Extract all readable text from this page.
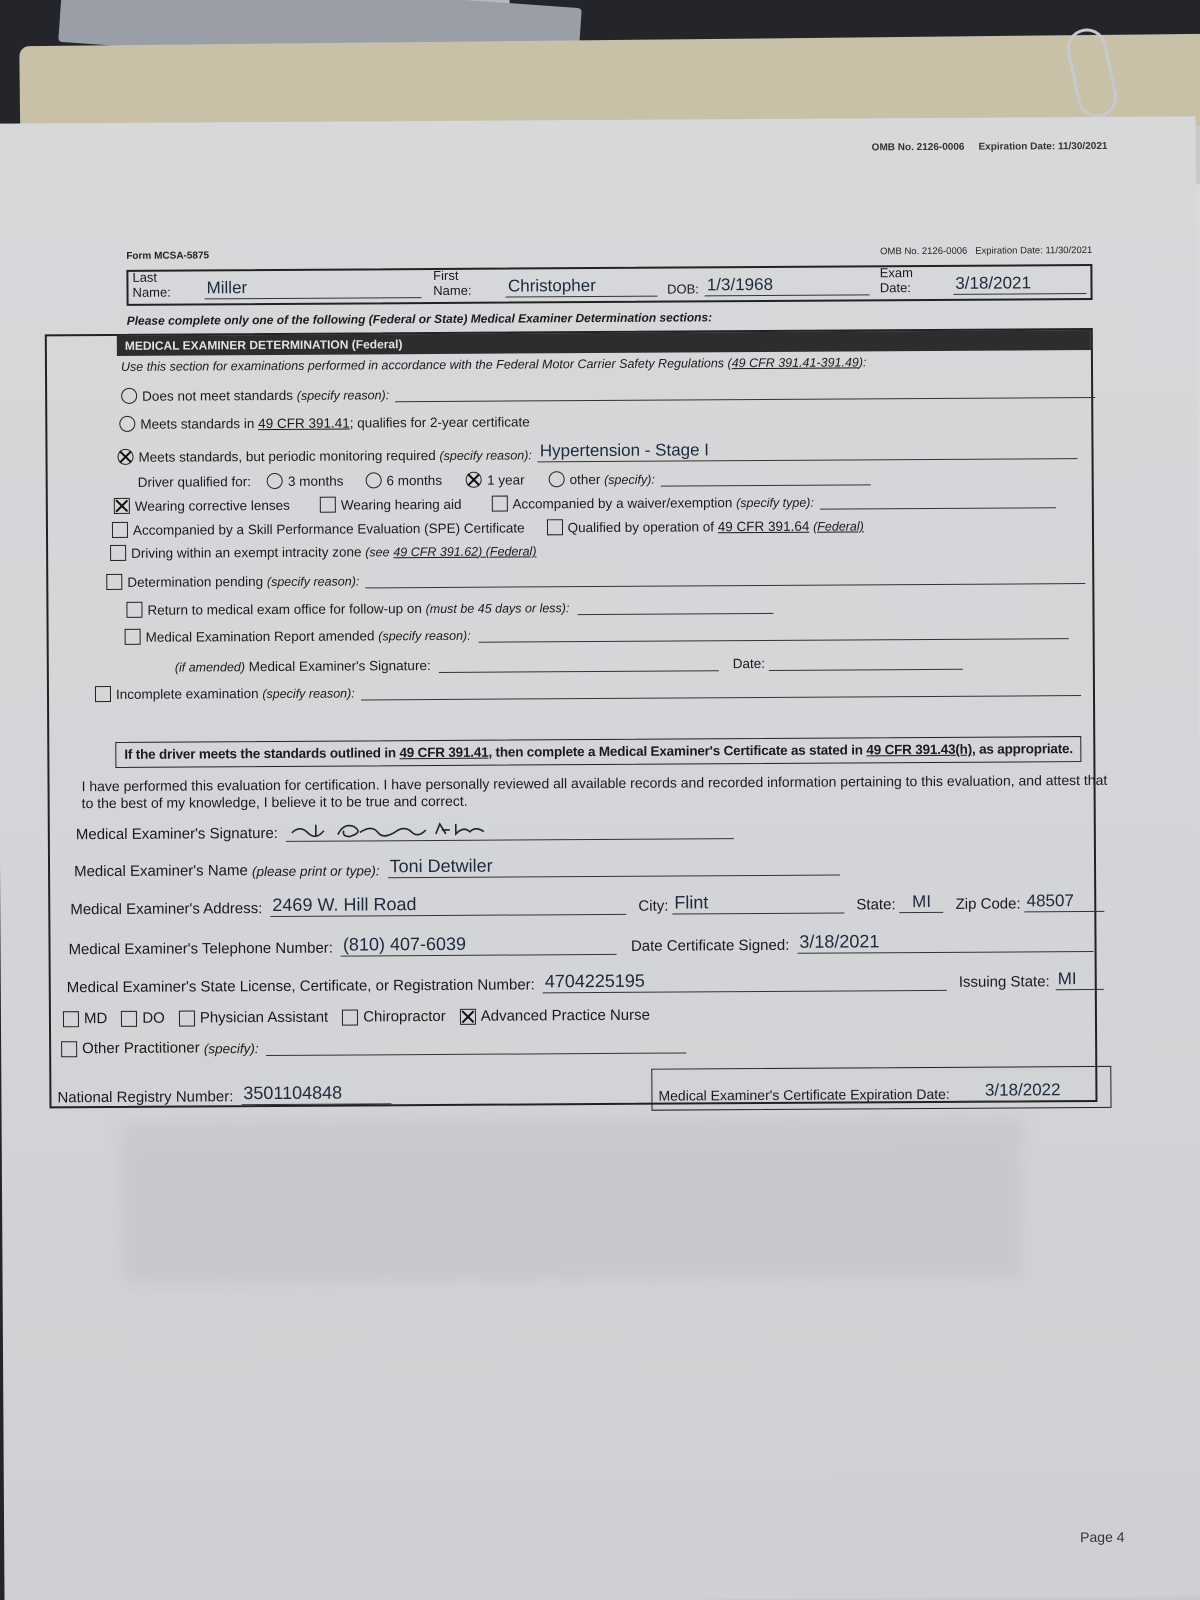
OMB No. 2126-0006 Expiration Date: 11/30/2021
Form MCSA-5875	OMB No. 2126-0006 Expiration Date: 11/30/2021
Last Name:	Miller
First Name:	Christopher	DOB: 1/3/1968
Exam Date:	3/18/2021
Please complete only one of the following (Federal or State) Medical Examiner Determination sections:
MEDICAL EXAMINER DETERMINATION (Federal)
Use this section for examinations performed in accordance with the Federal Motor Carrier Safety Regulations ( 49 CFR 391.41-391.49 ):
Does not meet standards
(specify reason):
Meets standards in
49 CFR 391.41 ; qualifies for 2-year certificate
Meets standards, but periodic monitoring required
(specify reason): Hypertension - Stage I
Driver qualified for:	3 months	6 months	1 year	other
(specify):
Wearing corrective lenses	Wearing hearing aid	Accompanied by a waiver/exemption
(specify type):
Accompanied by a Skill Performance Evaluation (SPE) Certificate	Qualified by operation of
49 CFR 391.64
(Federal)
Driving within an exempt intracity zone
(see
49 CFR 391.62 ) (Federal)
Determination pending
(specify reason):
Return to medical exam office for follow-up on
(must be 45 days or less):
Medical Examination Report amended
(specify reason):
(if amended)
Medical Examiner's Signature:	Date:
Incomplete examination
(specify reason):
If the driver meets the standards outlined in 49 CFR 391.41, then complete a Medical Examiner's Certificate as stated in 49 CFR 391.43(h), as appropriate.
I have performed this evaluation for certification. I have personally reviewed all available records and recorded information pertaining to this evaluation, and attest that to the best of my knowledge, I believe it to be true and correct.
Medical Examiner's Signature:
Medical Examiner's Name
(please print or type): Toni Detwiler
Medical Examiner's Address: 2469 W. Hill Road	City: Flint	State: MI	Zip Code: 48507
Medical Examiner's Telephone Number: (810) 407-6039	Date Certificate Signed: 3/18/2021
Medical Examiner's State License, Certificate, or Registration Number: 4704225195	Issuing State: MI
MD DO Physician Assistant Chiropractor Advanced Practice Nurse
Other Practitioner
(specify):
National Registry Number: 3501104848	Medical Examiner's Certificate Expiration Date:	3/18/2022
Page 4
